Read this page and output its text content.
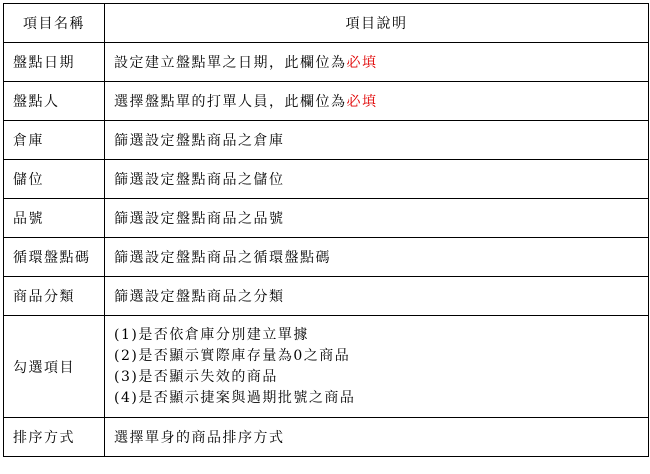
項目名稱	項目說明
盤點日期	設定建立盤點單之日期，此欄位為必填
盤點人	選擇盤點單的打單人員，此欄位為必填
倉庫	篩選設定盤點商品之倉庫
儲位	篩選設定盤點商品之儲位
品號	篩選設定盤點商品之品號
循環盤點碼	篩選設定盤點商品之循環盤點碼
商品分類	篩選設定盤點商品之分類
勾選項目	(1)是否依倉庫分別建立單據
(2)是否顯示實際庫存量為0之商品
(3)是否顯示失效的商品
(4)是否顯示捷案與過期批號之商品

排序方式	選擇單身的商品排序方式
